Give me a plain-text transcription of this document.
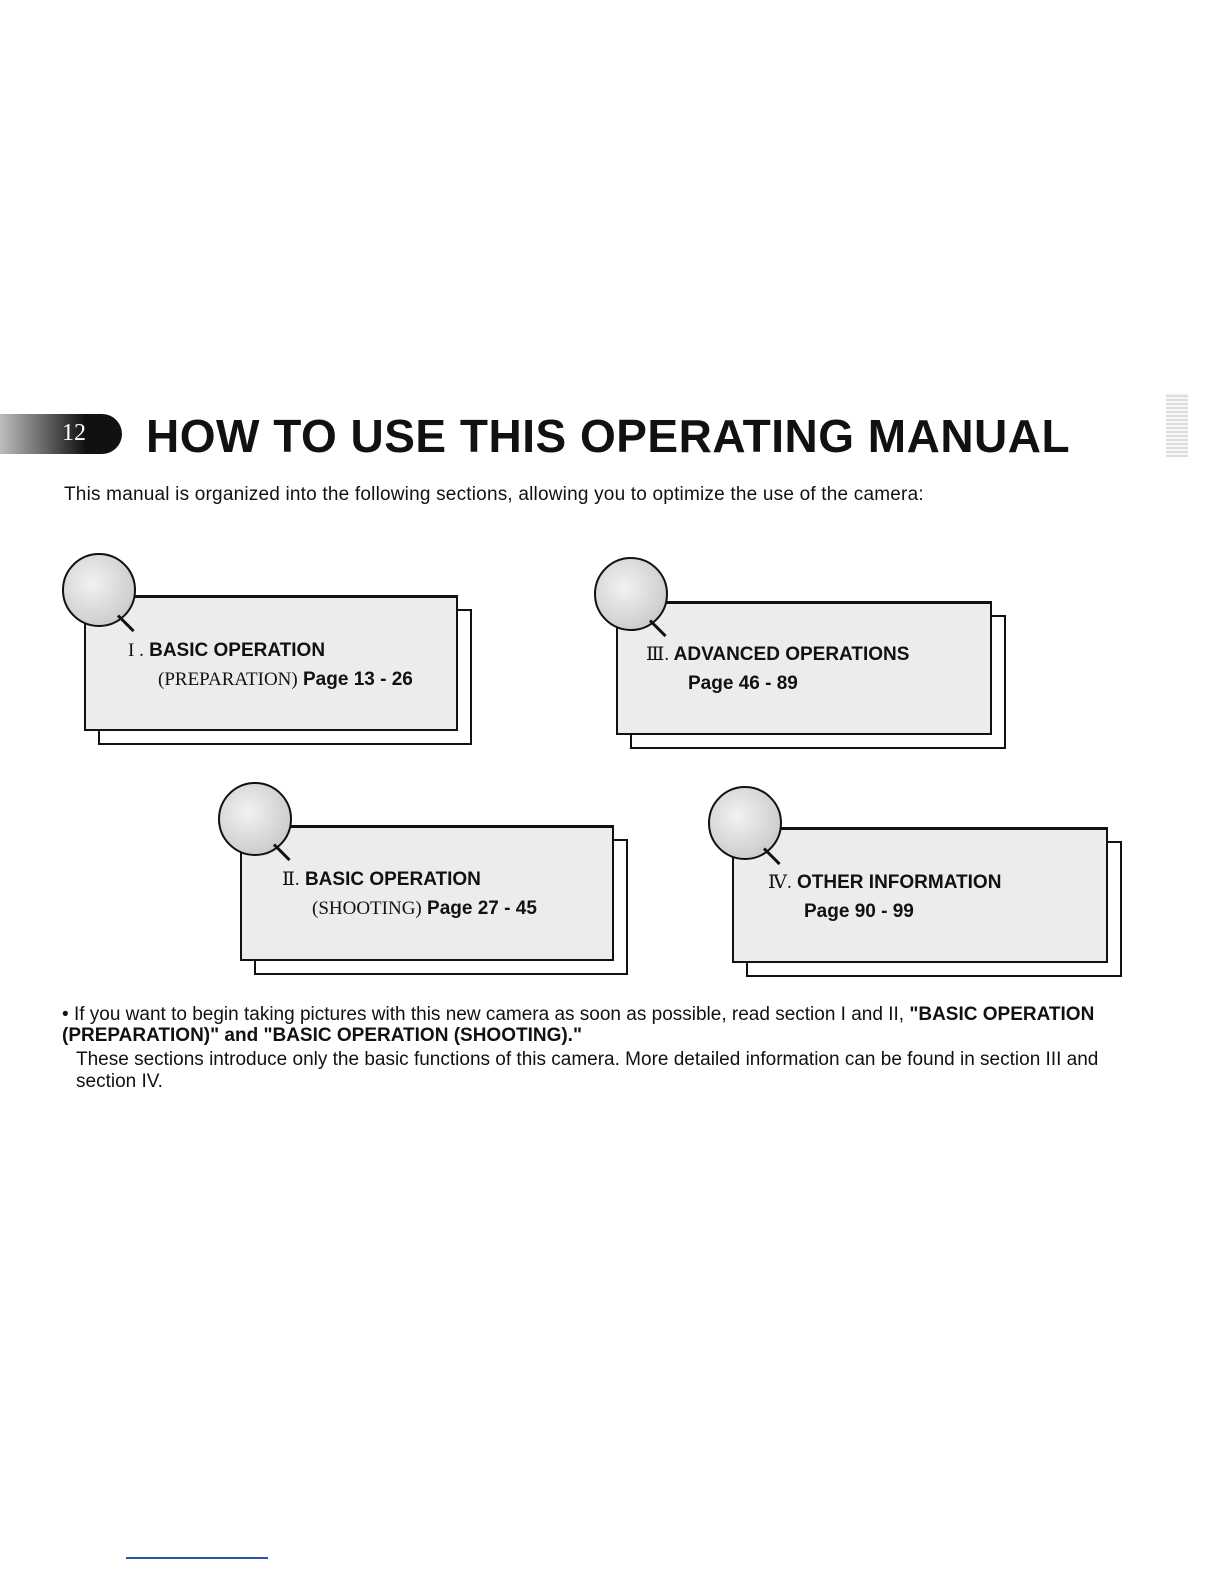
12 HOW TO USE THIS OPERATING MANUAL

This manual is organized into the following sections, allowing you to optimize the use of the camera:

I . BASIC OPERATION

(PREPARATION) Page 13 - 26

Ⅲ. ADVANCED OPERATIONS

Page 46 - 89

Ⅱ. BASIC OPERATION

(SHOOTING) Page 27 - 45

Ⅳ. OTHER INFORMATION

Page 90 - 99

• If you want to begin taking pictures with this new camera as soon as possible, read section I and II, "BASIC OPERATION (PREPARATION)" and "BASIC OPERATION (SHOOTING)."

These sections introduce only the basic functions of this camera. More detailed information can be found in section III and section IV.
